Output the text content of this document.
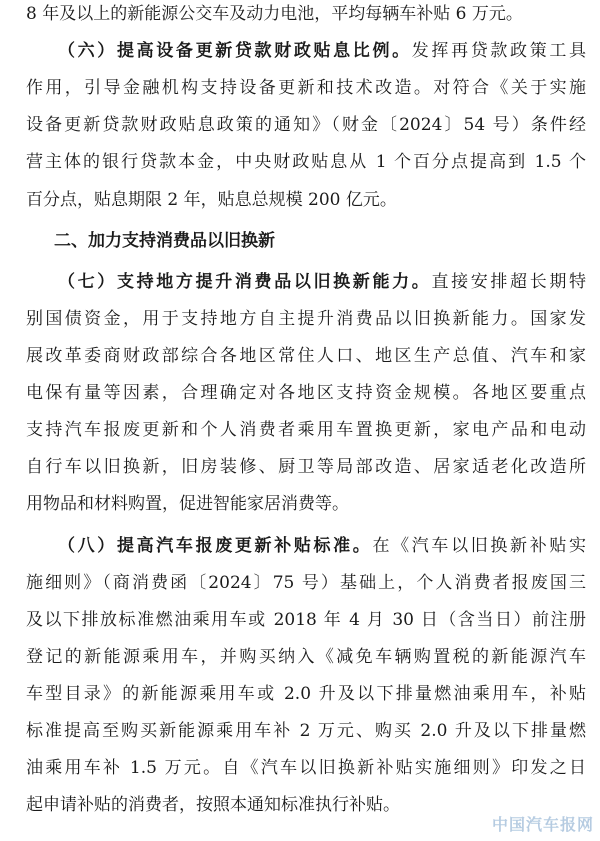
8 年及以上的新能源公交车及动力电池，平均每辆车补贴 6 万元。
（六）提高设备更新贷款财政贴息比例。发挥再贷款政策工具
作用，引导金融机构支持设备更新和技术改造。对符合《关于实施
设备更新贷款财政贴息政策的通知》（财金〔2024〕54 号）条件经
营主体的银行贷款本金，中央财政贴息从 1 个百分点提高到 1.5 个
百分点，贴息期限 2 年，贴息总规模 200 亿元。
二、加力支持消费品以旧换新
（七）支持地方提升消费品以旧换新能力。直接安排超长期特
别国债资金，用于支持地方自主提升消费品以旧换新能力。国家发
展改革委商财政部综合各地区常住人口、地区生产总值、汽车和家
电保有量等因素，合理确定对各地区支持资金规模。各地区要重点
支持汽车报废更新和个人消费者乘用车置换更新，家电产品和电动
自行车以旧换新，旧房装修、厨卫等局部改造、居家适老化改造所
用物品和材料购置，促进智能家居消费等。
（八）提高汽车报废更新补贴标准。在《汽车以旧换新补贴实
施细则》（商消费函〔2024〕75 号）基础上，个人消费者报废国三
及以下排放标准燃油乘用车或 2018 年 4 月 30 日（含当日）前注册
登记的新能源乘用车，并购买纳入《减免车辆购置税的新能源汽车
车型目录》的新能源乘用车或 2.0 升及以下排量燃油乘用车，补贴
标准提高至购买新能源乘用车补 2 万元、购买 2.0 升及以下排量燃
油乘用车补 1.5 万元。自《汽车以旧换新补贴实施细则》印发之日
起申请补贴的消费者，按照本通知标准执行补贴。
中国汽车报网
